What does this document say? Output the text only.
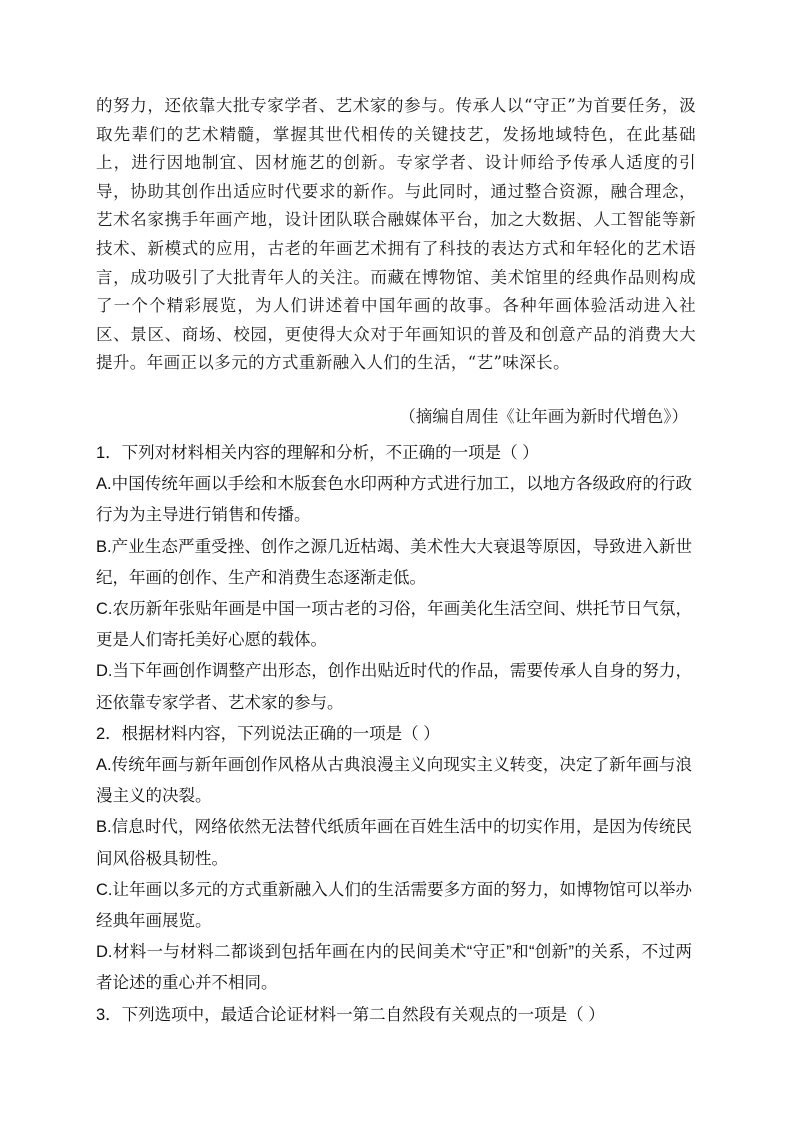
的努力，还依靠大批专家学者、艺术家的参与。传承人以“守正”为首要任务，汲取先辈们的艺术精髓，掌握其世代相传的关键技艺，发扬地域特色，在此基础上，进行因地制宜、因材施艺的创新。专家学者、设计师给予传承人适度的引导，协助其创作出适应时代要求的新作。与此同时，通过整合资源，融合理念，艺术名家携手年画产地，设计团队联合融媒体平台，加之大数据、人工智能等新技术、新模式的应用，古老的年画艺术拥有了科技的表达方式和年轻化的艺术语言，成功吸引了大批青年人的关注。而藏在博物馆、美术馆里的经典作品则构成了一个个精彩展览，为人们讲述着中国年画的故事。各种年画体验活动进入社区、景区、商场、校园，更使得大众对于年画知识的普及和创意产品的消费大大提升。年画正以多元的方式重新融入人们的生活，“艺”味深长。
（摘编自周佳《让年画为新时代增色》）

1．下列对材料相关内容的理解和分析，不正确的一项是（ ）

A.中国传统年画以手绘和木版套色水印两种方式进行加工，以地方各级政府的行政行为为主导进行销售和传播。

B.产业生态严重受挫、创作之源几近枯竭、美术性大大衰退等原因，导致进入新世纪，年画的创作、生产和消费生态逐渐走低。

C.农历新年张贴年画是中国一项古老的习俗，年画美化生活空间、烘托节日气氛，更是人们寄托美好心愿的载体。

D.当下年画创作调整产出形态，创作出贴近时代的作品，需要传承人自身的努力，还依靠专家学者、艺术家的参与。

2．根据材料内容，下列说法正确的一项是（ ）

A.传统年画与新年画创作风格从古典浪漫主义向现实主义转变，决定了新年画与浪漫主义的决裂。

B.信息时代，网络依然无法替代纸质年画在百姓生活中的切实作用，是因为传统民间风俗极具韧性。

C.让年画以多元的方式重新融入人们的生活需要多方面的努力，如博物馆可以举办经典年画展览。

D.材料一与材料二都谈到包括年画在内的民间美术“守正”和“创新”的关系，不过两者论述的重心并不相同。

3．下列选项中，最适合论证材料一第二自然段有关观点的一项是（ ）
